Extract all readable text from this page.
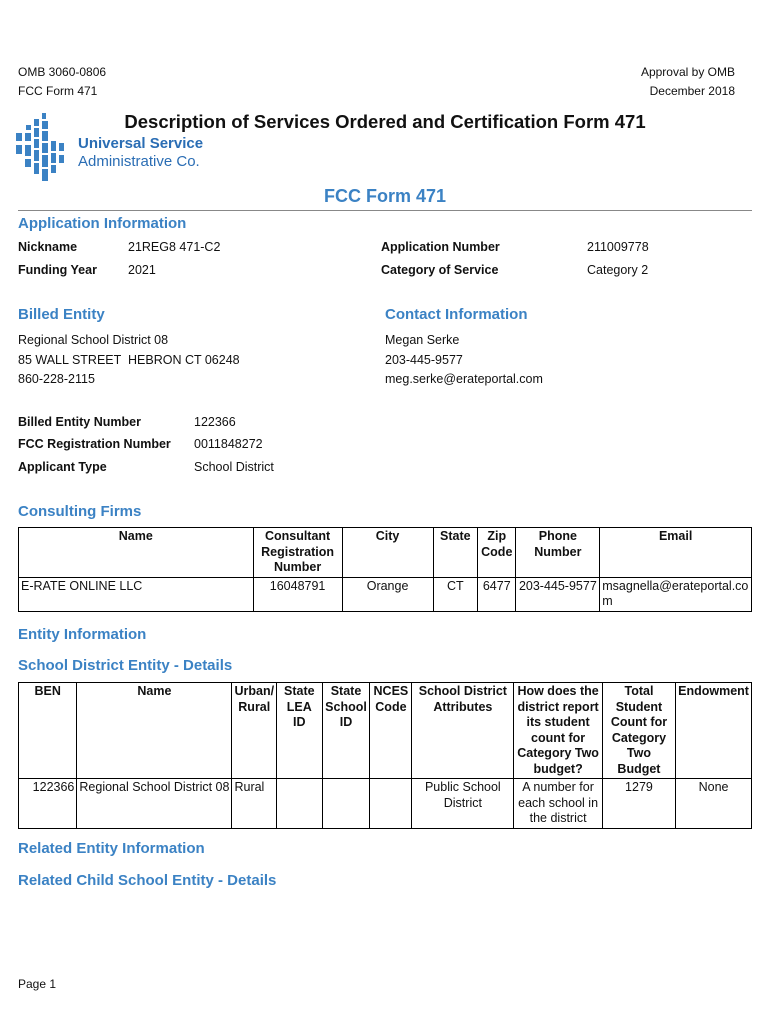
OMB 3060-0806
FCC Form 471
Approval by OMB
December 2018
Description of Services Ordered and Certification Form 471
Universal Service
Administrative Co.
FCC Form 471
Application Information
Nickname	21REG8 471-C2
Funding Year 2021
Application Number	211009778
Category of Service	Category 2
Billed Entity
Regional School District 08
85 WALL STREET  HEBRON CT 06248
860-228-2115
Contact Information
Megan Serke
203-445-9577
meg.serke@erateportal.com
Billed Entity Number	122366
FCC Registration Number 0011848272
Applicant Type	School District
Consulting Firms
Name	Consultant Registration Number	City	State	Zip Code	Phone Number	Email
E-RATE ONLINE LLC	16048791	Orange	CT	6477	203-445-9577	msagnella@erateportal.com
Entity Information
School District Entity - Details
BEN	Name	Urban/ Rural	State LEA ID	State School ID	NCES Code	School District Attributes	How does the district report its student count for Category Two budget?	Total Student Count for Category Two Budget	Endowment
122366	Regional School District 08	Rural				Public School District	A number for each school in the district	1279	None
Related Entity Information
Related Child School Entity - Details
Page 1
